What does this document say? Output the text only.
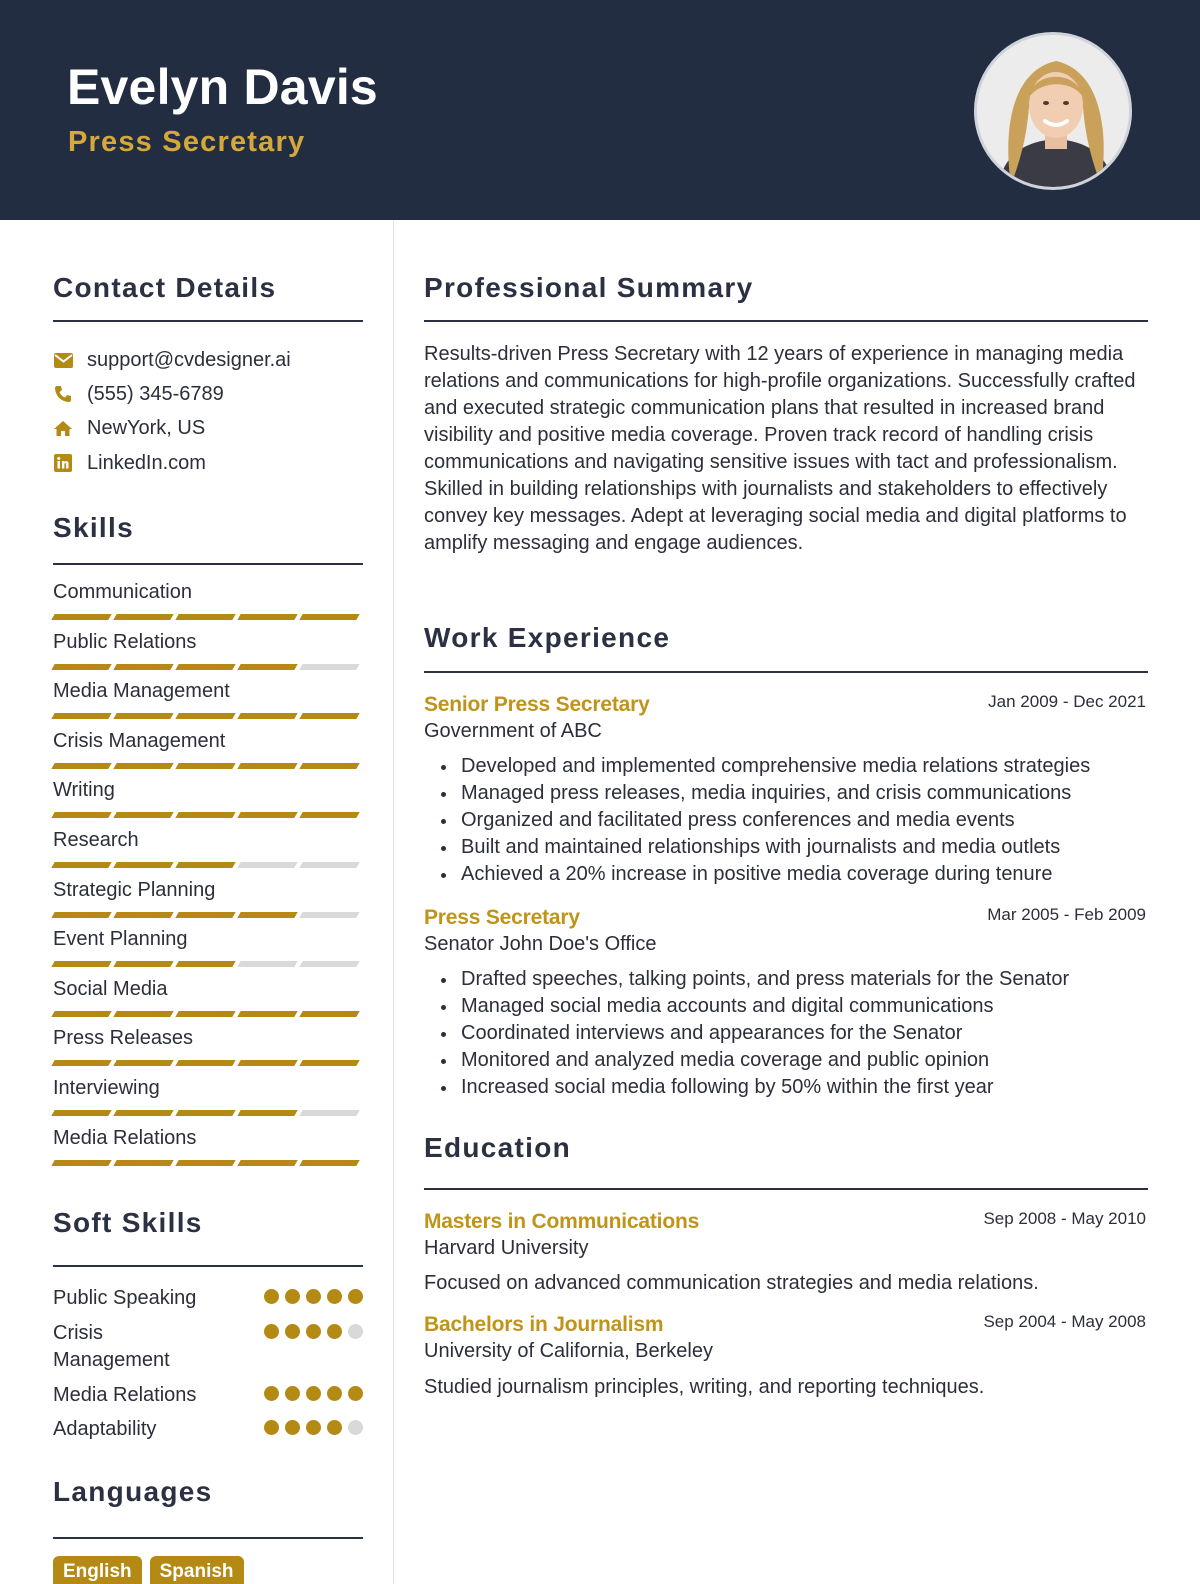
Evelyn Davis
Press Secretary
Contact Details
support@cvdesigner.ai
(555) 345-6789
NewYork, US
LinkedIn.com
Skills
Communication
Public Relations
Media Management
Crisis Management
Writing
Research
Strategic Planning
Event Planning
Social Media
Press Releases
Interviewing
Media Relations
Soft Skills
Public Speaking
Crisis Management
Media Relations
Adaptability
Languages
English	Spanish
Professional Summary
Results-driven Press Secretary with 12 years of experience in managing media relations and communications for high-profile organizations. Successfully crafted and executed strategic communication plans that resulted in increased brand visibility and positive media coverage. Proven track record of handling crisis communications and navigating sensitive issues with tact and professionalism. Skilled in building relationships with journalists and stakeholders to effectively convey key messages. Adept at leveraging social media and digital platforms to amplify messaging and engage audiences.
Work Experience
Senior Press Secretary	Jan 2009 - Dec 2021
Government of ABC
Developed and implemented comprehensive media relations strategies
Managed press releases, media inquiries, and crisis communications
Organized and facilitated press conferences and media events
Built and maintained relationships with journalists and media outlets
Achieved a 20% increase in positive media coverage during tenure
Press Secretary	Mar 2005 - Feb 2009
Senator John Doe's Office
Drafted speeches, talking points, and press materials for the Senator
Managed social media accounts and digital communications
Coordinated interviews and appearances for the Senator
Monitored and analyzed media coverage and public opinion
Increased social media following by 50% within the first year
Education
Masters in Communications	Sep 2008 - May 2010
Harvard University
Focused on advanced communication strategies and media relations.
Bachelors in Journalism	Sep 2004 - May 2008
University of California, Berkeley
Studied journalism principles, writing, and reporting techniques.
